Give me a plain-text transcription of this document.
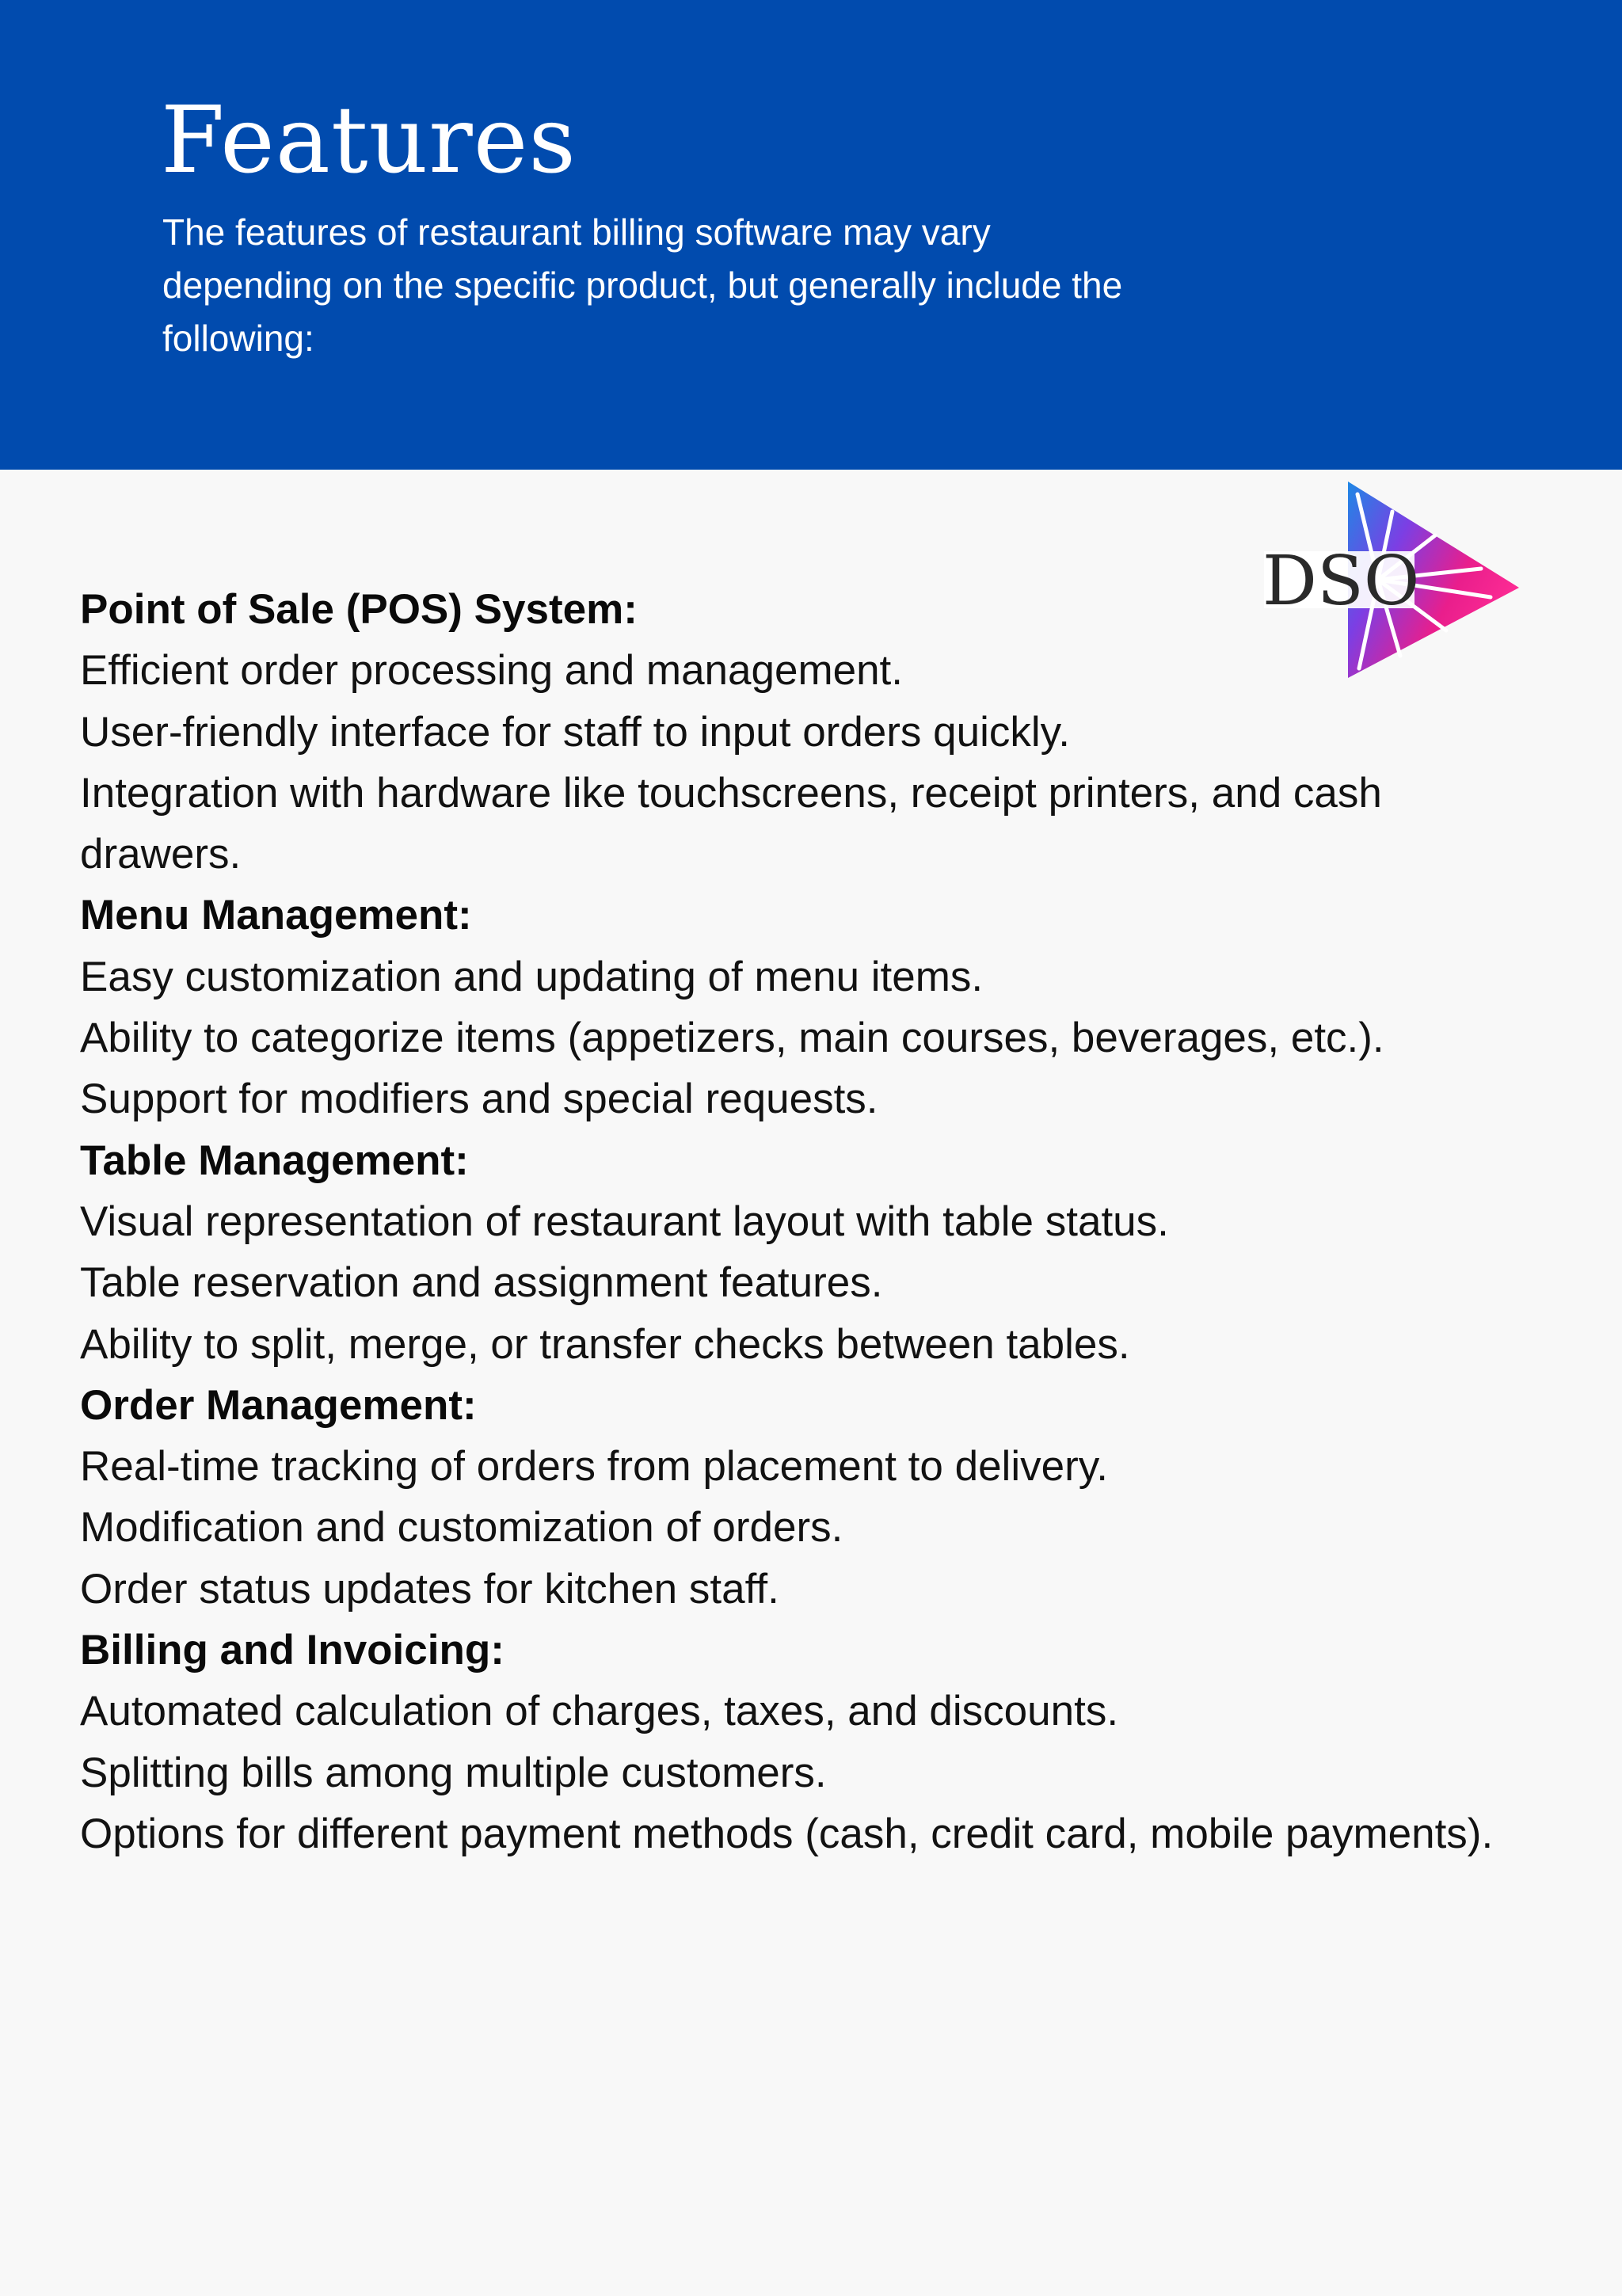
Features

The features of restaurant billing software may vary depending on the specific product, but generally include the following:

DSO
Point of Sale (POS) System:
Efficient order processing and management.
User-friendly interface for staff to input orders quickly.
Integration with hardware like touchscreens, receipt printers, and cash drawers.
Menu Management:
Easy customization and updating of menu items.
Ability to categorize items (appetizers, main courses, beverages, etc.).
Support for modifiers and special requests.
Table Management:
Visual representation of restaurant layout with table status.
Table reservation and assignment features.
Ability to split, merge, or transfer checks between tables.
Order Management:
Real-time tracking of orders from placement to delivery.
Modification and customization of orders.
Order status updates for kitchen staff.
Billing and Invoicing:
Automated calculation of charges, taxes, and discounts.
Splitting bills among multiple customers.
Options for different payment methods (cash, credit card, mobile payments).
